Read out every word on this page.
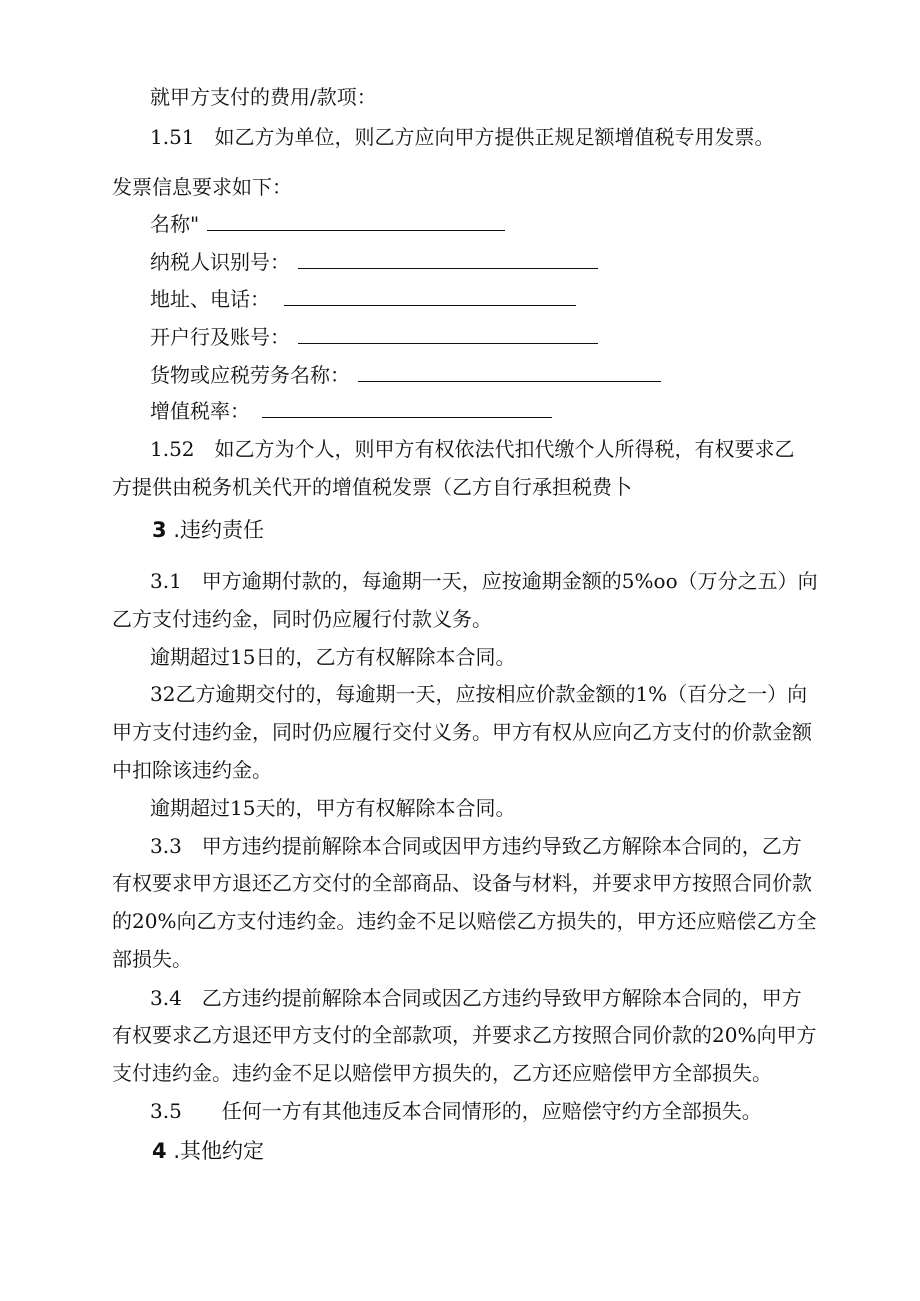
就甲方支付的费用/款项：
1.51　如乙方为单位，则乙方应向甲方提供正规足额增值税专用发票。
发票信息要求如下：
名称"
纳税人识别号：
地址、电话：
开户行及账号：
货物或应税劳务名称：
增值税率：
1.52　如乙方为个人，则甲方有权依法代扣代缴个人所得税，有权要求乙
方提供由税务机关代开的增值税发票（乙方自行承担税费卜
3 .违约责任
3.1　甲方逾期付款的，每逾期一天，应按逾期金额的5%oo（万分之五）向
乙方支付违约金，同时仍应履行付款义务。
逾期超过15日的，乙方有权解除本合同。
32乙方逾期交付的，每逾期一天，应按相应价款金额的1%（百分之一）向
甲方支付违约金，同时仍应履行交付义务。甲方有权从应向乙方支付的价款金额
中扣除该违约金。
逾期超过15天的，甲方有权解除本合同。
3.3　甲方违约提前解除本合同或因甲方违约导致乙方解除本合同的，乙方
有权要求甲方退还乙方交付的全部商品、设备与材料，并要求甲方按照合同价款
的20%向乙方支付违约金。违约金不足以赔偿乙方损失的，甲方还应赔偿乙方全
部损失。
3.4　乙方违约提前解除本合同或因乙方违约导致甲方解除本合同的，甲方
有权要求乙方退还甲方支付的全部款项，并要求乙方按照合同价款的20%向甲方
支付违约金。违约金不足以赔偿甲方损失的，乙方还应赔偿甲方全部损失。
3.5　　任何一方有其他违反本合同情形的，应赔偿守约方全部损失。
4 .其他约定
